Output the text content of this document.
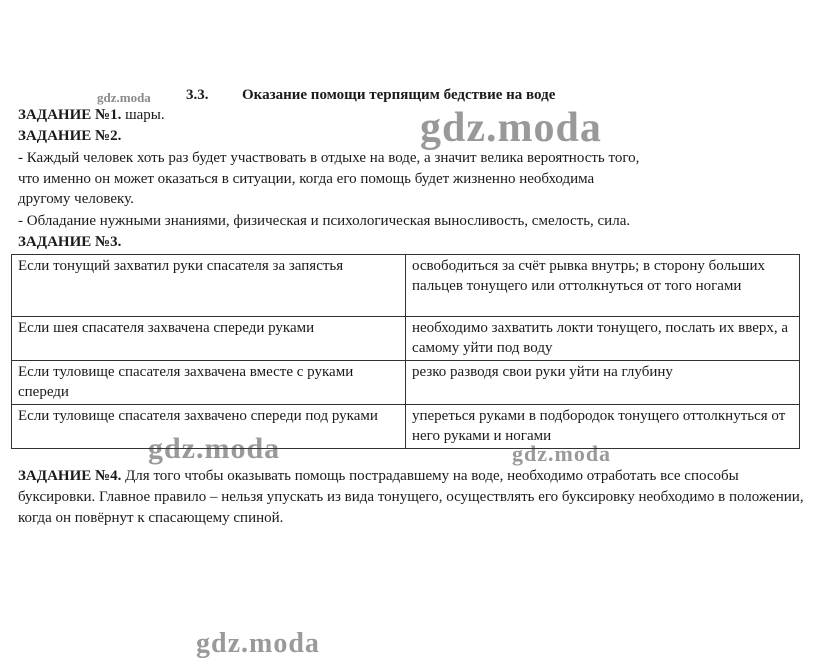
gdz.moda
gdz.moda
gdz.moda	gdz.moda
gdz.moda
3.3. Оказание помощи терпящим бедствие на воде
ЗАДАНИЕ №1. шары.
ЗАДАНИЕ №2.
- Каждый человек хоть раз будет участвовать в отдыхе на воде, а значит велика вероятность того,
что именно он может оказаться в ситуации, когда его помощь будет жизненно необходима
другому человеку.
- Обладание нужными знаниями, физическая и психологическая выносливость, смелость, сила.
ЗАДАНИЕ №3.
Если тонущий захватил руки спасателя за запястья	освободиться за счёт рывка внутрь; в сторону больших пальцев тонущего или оттолкнуться от того ногами
Если шея спасателя захвачена спереди руками	необходимо захватить локти тонущего, послать их вверх, а самому уйти под воду
Если туловище спасателя захвачена вместе с руками спереди	резко разводя свои руки уйти на глубину
Если туловище спасателя захвачено спереди под руками	упереться руками в подбородок тонущего оттолкнуться от него руками и ногами
ЗАДАНИЕ №4. Для того чтобы оказывать помощь пострадавшему на воде, необходимо отработать все способы буксировки. Главное правило – нельзя упускать из вида тонущего, осуществлять его буксировку необходимо в положении, когда он повёрнут к спасающему спиной.
